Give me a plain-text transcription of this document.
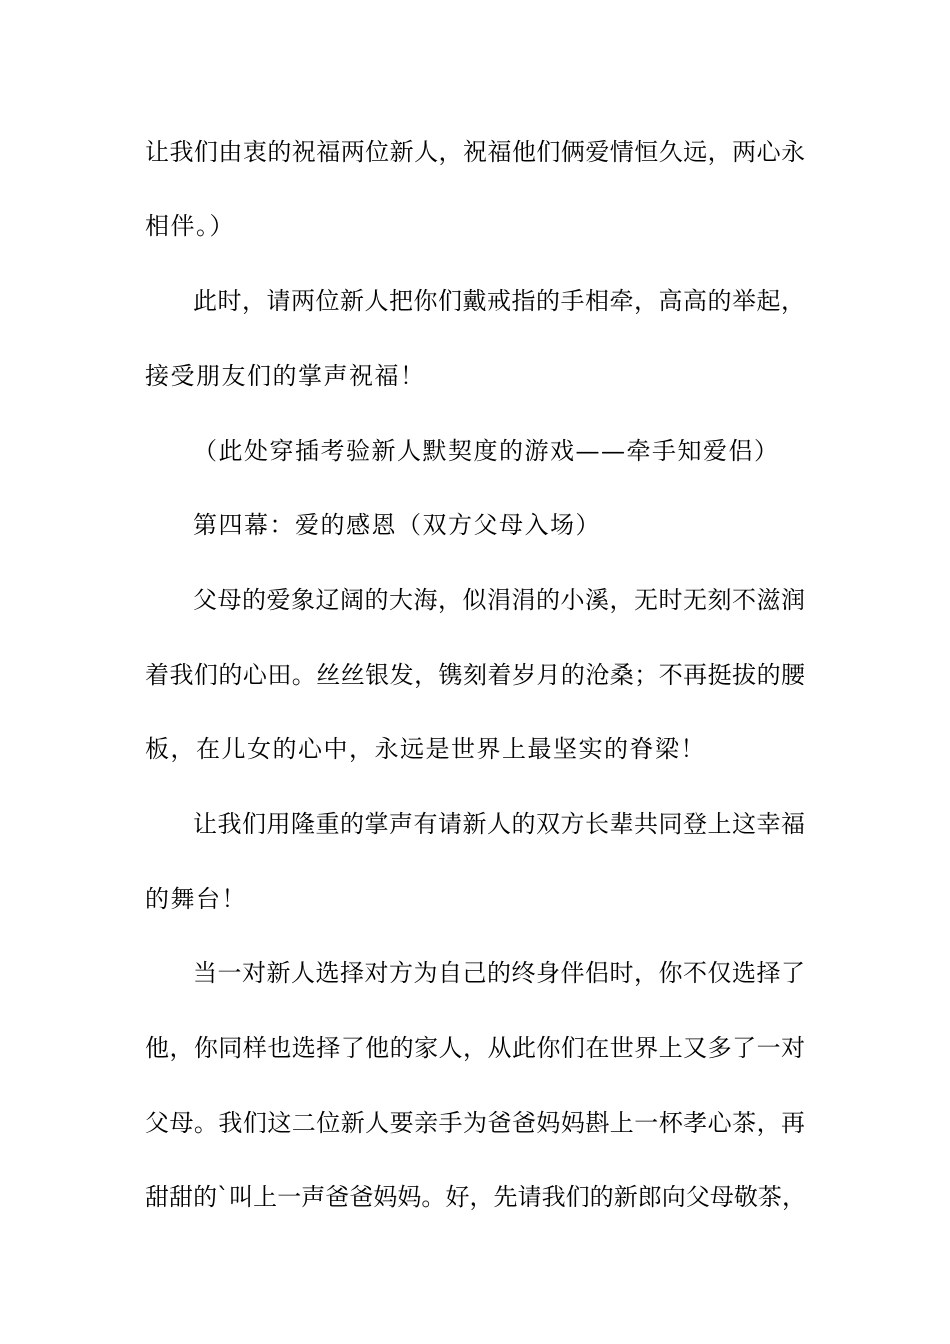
让我们由衷的祝福两位新人，祝福他们俩爱情恒久远，两心永
相伴。）
此时，请两位新人把你们戴戒指的手相牵，高高的举起，
接受朋友们的掌声祝福！
（此处穿插考验新人默契度的游戏——牵手知爱侣）
第四幕：爱的感恩（双方父母入场）
父母的爱象辽阔的大海，似涓涓的小溪，无时无刻不滋润
着我们的心田。丝丝银发，镌刻着岁月的沧桑；不再挺拔的腰
板，在儿女的心中，永远是世界上最坚实的脊梁！
让我们用隆重的掌声有请新人的双方长辈共同登上这幸福
的舞台！
当一对新人选择对方为自己的终身伴侣时，你不仅选择了
他，你同样也选择了他的家人，从此你们在世界上又多了一对
父母。我们这二位新人要亲手为爸爸妈妈斟上一杯孝心茶，再
甜甜的`叫上一声爸爸妈妈。好，先请我们的新郎向父母敬茶，
